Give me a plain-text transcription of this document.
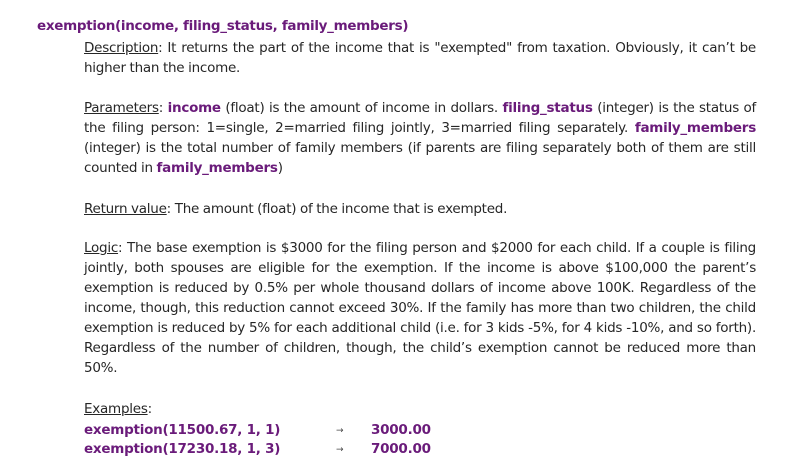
exemption(income, filing_status, family_members)
Description: It returns the part of the income that is "exempted" from taxation. Obviously, it can’t be higher than the income.
Parameters: income (float) is the amount of income in dollars. filing_status (integer) is the status of the filing person: 1=single, 2=married filing jointly, 3=married filing separately. family_members (integer) is the total number of family members (if parents are filing separately both of them are still counted in family_members)
Return value: The amount (float) of the income that is exempted.
Logic: The base exemption is $3000 for the filing person and $2000 for each child. If a couple is filing jointly, both spouses are eligible for the exemption. If the income is above $100,000 the parent’s exemption is reduced by 0.5% per whole thousand dollars of income above 100K. Regardless of the income, though, this reduction cannot exceed 30%. If the family has more than two children, the child exemption is reduced by 5% for each additional child (i.e. for 3 kids -5%, for 4 kids -10%, and so forth). Regardless of the number of children, though, the child’s exemption cannot be reduced more than 50%.
Examples:
exemption(11500.67, 1, 1)	→ 3000.00
exemption(17230.18, 1, 3)	→ 7000.00
